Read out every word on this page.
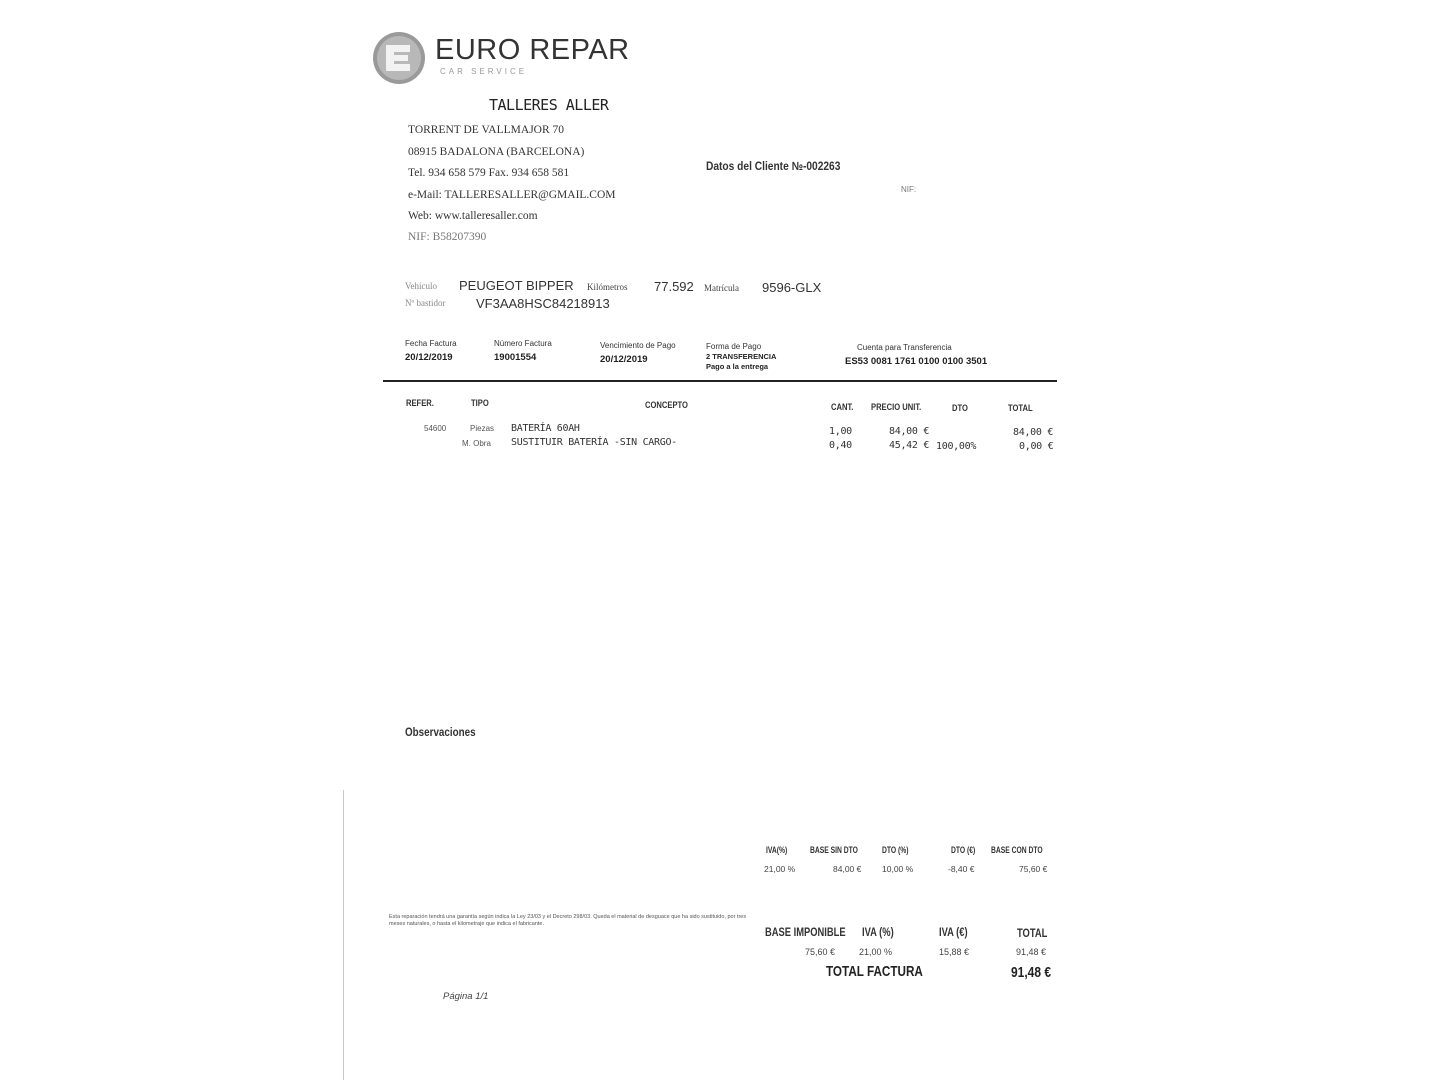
EURO REPAR
CAR SERVICE
TALLERES ALLER
TORRENT DE VALLMAJOR 70
08915 BADALONA (BARCELONA)
Tel. 934 658 579 Fax. 934 658 581
e-Mail: TALLERESALLER@GMAIL.COM
Web: www.talleresaller.com
NIF: B58207390
Datos del Cliente №-002263
NIF:
Vehículo PEUGEOT BIPPER Kilómetros 77.592 Matrícula 9596-GLX
Nº bastidor VF3AA8HSC84218913
Fecha Factura
20/12/2019
Número Factura
19001554
Vencimiento de Pago
20/12/2019
Forma de Pago
2 TRANSFERENCIA
Pago a la entrega
Cuenta para Transferencia
ES53 0081 1761 0100 0100 3501
REFER.	TIPO	CONCEPTO	CANT. PRECIO UNIT.	DTO	TOTAL
54600	Piezas BATERÍA 60AH	1,00	84,00 €	84,00 €
M. Obra SUSTITUIR BATERÍA -SIN CARGO-	0,40	45,42 € 100,00%	0,00 €
Observaciones
IVA(%)	BASE SIN DTO	DTO (%)	DTO (€) BASE CON DTO
21,00 %	84,00 € 10,00 %	-8,40 €	75,60 €
Esta reparación tendrá una garantía según indica la Ley 23/03 y el Decreto 298/03. Queda el material de desguace que ha sido sustituido, por tres meses naturales, o hasta el kilometraje que indica el fabricante.
BASE IMPONIBLE IVA (%)	IVA (€)	TOTAL
75,60 €	21,00 %	15,88 €	91,48 €
TOTAL FACTURA	91,48 €
Página 1/1
